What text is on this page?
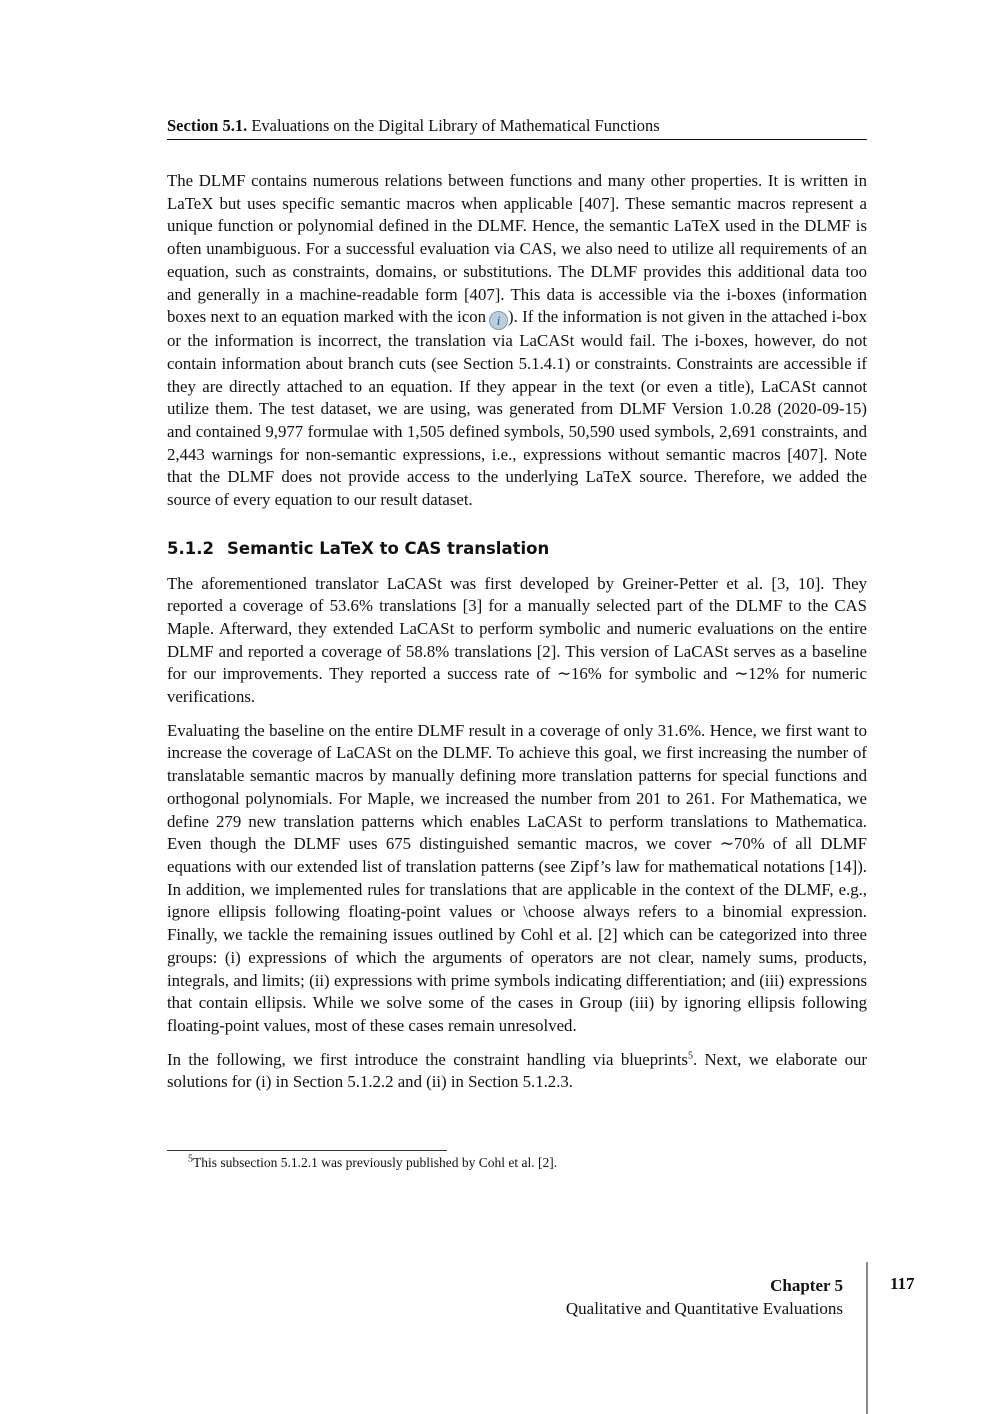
Section 5.1. Evaluations on the Digital Library of Mathematical Functions

The DLMF contains numerous relations between functions and many other properties. It is written in LaTeX but uses specific semantic macros when applicable [407]. These semantic macros represent a unique function or polynomial defined in the DLMF. Hence, the semantic LaTeX used in the DLMF is often unambiguous. For a successful evaluation via CAS, we also need to utilize all requirements of an equation, such as constraints, domains, or substitutions. The DLMF provides this additional data too and generally in a machine-readable form [407]. This data is accessible via the i-boxes (information boxes next to an equation marked with the icon i ). If the information is not given in the attached i-box or the information is incorrect, the translation via LaCASt would fail. The i-boxes, however, do not contain information about branch cuts (see Section 5.1.4.1) or constraints. Constraints are accessible if they are directly attached to an equation. If they appear in the text (or even a title), LaCASt cannot utilize them. The test dataset, we are using, was generated from DLMF Version 1.0.28 (2020-09-15) and contained 9,977 formulae with 1,505 defined symbols, 50,590 used symbols, 2,691 constraints, and 2,443 warnings for non-semantic expressions, i.e., expressions without semantic macros [407]. Note that the DLMF does not provide access to the underlying LaTeX source. Therefore, we added the source of every equation to our result dataset.

5.1.2 Semantic LaTeX to CAS translation

The aforementioned translator LaCASt was first developed by Greiner-Petter et al. [3, 10]. They reported a coverage of 53.6% translations [3] for a manually selected part of the DLMF to the CAS Maple. Afterward, they extended LaCASt to perform symbolic and numeric evaluations on the entire DLMF and reported a coverage of 58.8% translations [2]. This version of LaCASt serves as a baseline for our improvements. They reported a success rate of ∼16% for symbolic and ∼12% for numeric verifications.

Evaluating the baseline on the entire DLMF result in a coverage of only 31.6%. Hence, we first want to increase the coverage of LaCASt on the DLMF. To achieve this goal, we first increasing the number of translatable semantic macros by manually defining more translation patterns for special functions and orthogonal polynomials. For Maple, we increased the number from 201 to 261. For Mathematica, we define 279 new translation patterns which enables LaCASt to perform translations to Mathematica. Even though the DLMF uses 675 distinguished semantic macros, we cover ∼70% of all DLMF equations with our extended list of translation patterns (see Zipf’s law for mathematical notations [14]). In addition, we implemented rules for translations that are applicable in the context of the DLMF, e.g., ignore ellipsis following floating-point values or \choose always refers to a binomial expression. Finally, we tackle the remaining issues outlined by Cohl et al. [2] which can be categorized into three groups: (i) expressions of which the arguments of operators are not clear, namely sums, products, integrals, and limits; (ii) expressions with prime symbols indicating differentiation; and (iii) expressions that contain ellipsis. While we solve some of the cases in Group (iii) by ignoring ellipsis following floating-point values, most of these cases remain unresolved.

In the following, we first introduce the constraint handling via blueprints$^5$. Next, we elaborate our solutions for (i) in Section 5.1.2.2 and (ii) in Section 5.1.2.3.

$^5$This subsection 5.1.2.1 was previously published by Cohl et al. [2].
Chapter 5
Qualitative and Quantitative Evaluations
117
